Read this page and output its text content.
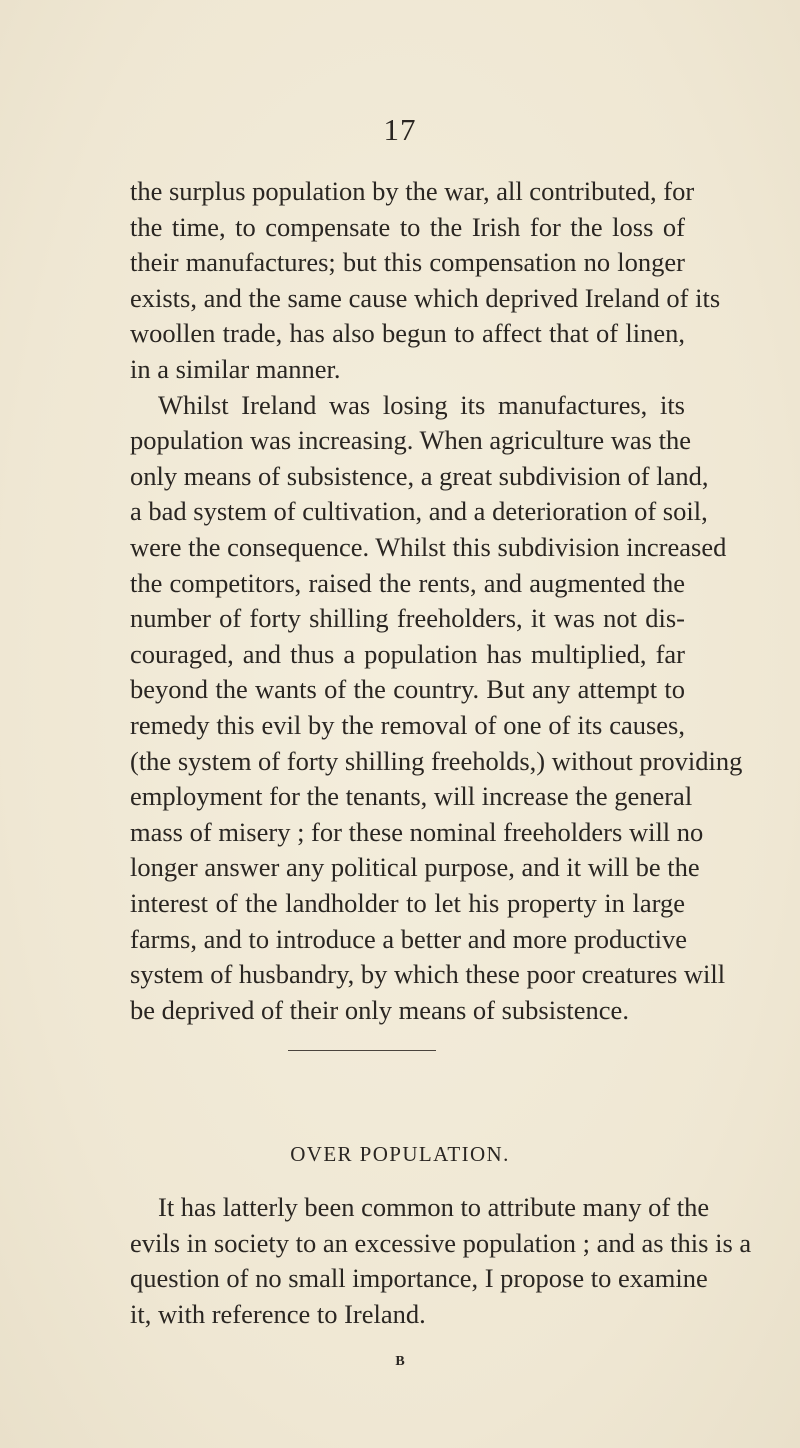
17
the surplus population by the war, all contributed, for
the time, to compensate to the Irish for the loss of
their manufactures; but this compensation no longer
exists, and the same cause which deprived Ireland of its
woollen trade, has also begun to affect that of linen,
in a similar manner.
Whilst Ireland was losing its manufactures, its
population was increasing. When agriculture was the
only means of subsistence, a great subdivision of land,
a bad system of cultivation, and a deterioration of soil,
were the consequence. Whilst this subdivision increased
the competitors, raised the rents, and augmented the
number of forty shilling freeholders, it was not dis-
couraged, and thus a population has multiplied, far
beyond the wants of the country. But any attempt to
remedy this evil by the removal of one of its causes,
(the system of forty shilling freeholds,) without providing
employment for the tenants, will increase the general
mass of misery ; for these nominal freeholders will no
longer answer any political purpose, and it will be the
interest of the landholder to let his property in large
farms, and to introduce a better and more productive
system of husbandry, by which these poor creatures will
be deprived of their only means of subsistence.
OVER POPULATION.
It has latterly been common to attribute many of the
evils in society to an excessive population ; and as this is a
question of no small importance, I propose to examine
it, with reference to Ireland.
B
